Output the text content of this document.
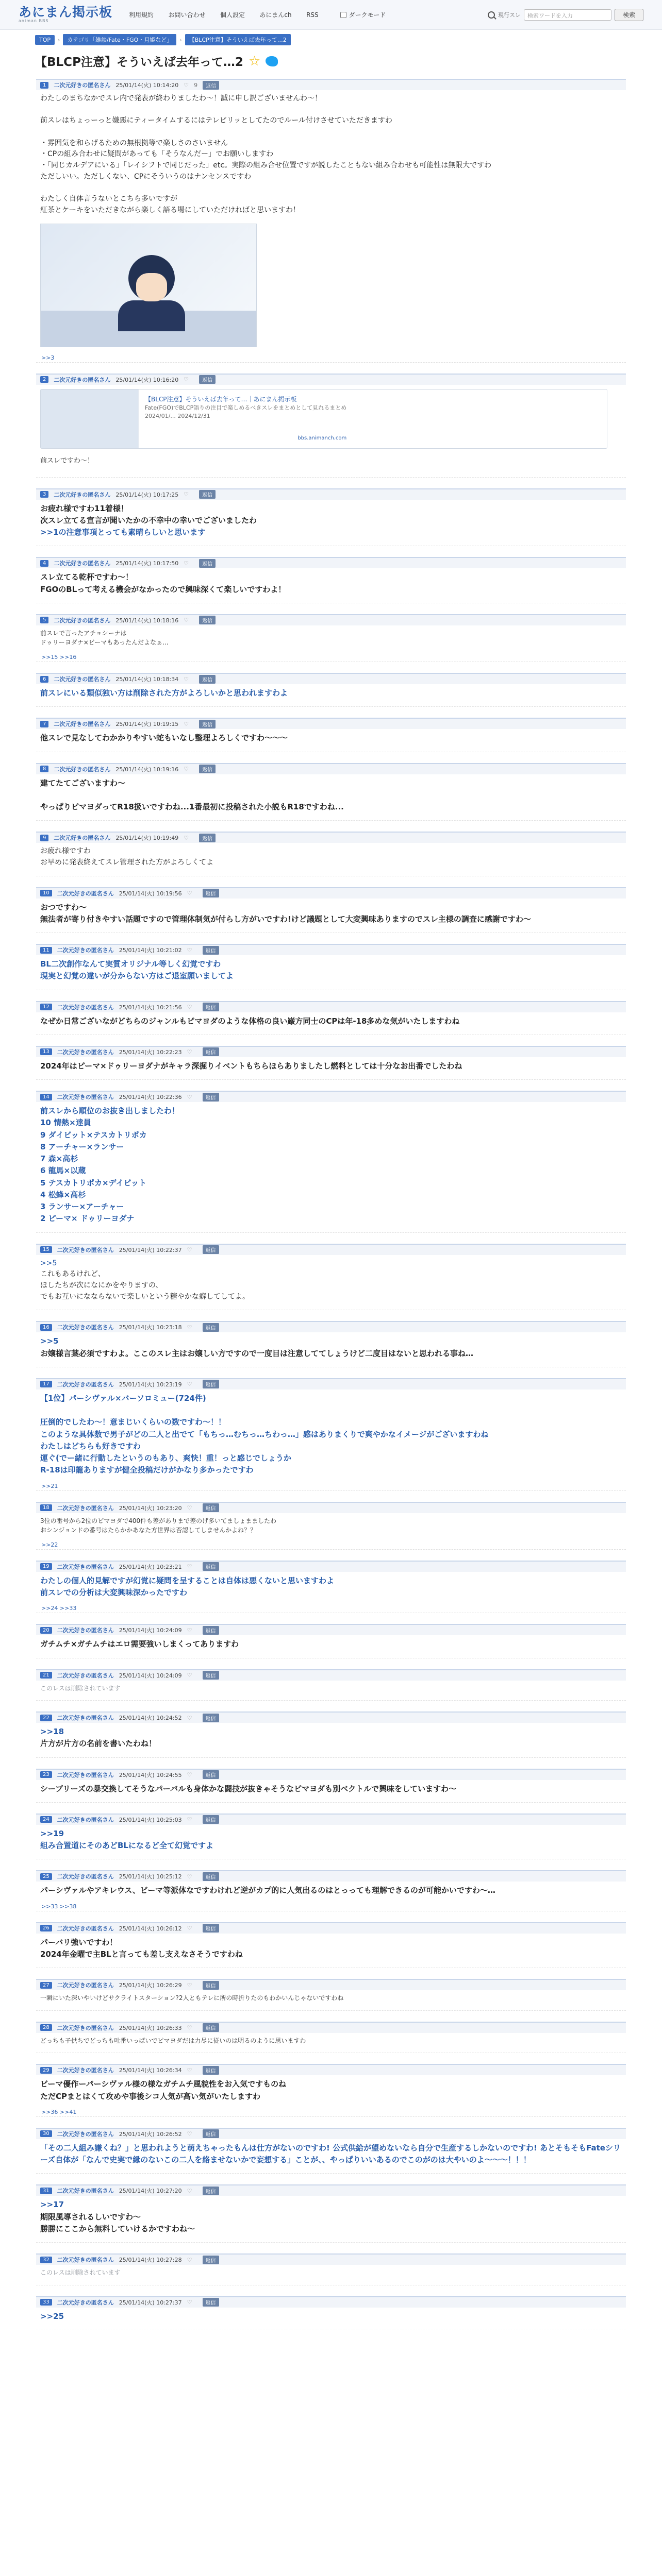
あにまん掲示板
animan BBS
利用規約 お問い合わせ 個人設定 あにまんch RSS	ダークモード	現行スレ	検索ワードを入力	検索
TOP	›	カテゴリ「雑談/Fate・FGO・月姫など」	›	【BLCP注意】そういえば去年って…2
【BLCP注意】そういえば去年って…2 ☆
1	二次元好きの匿名さん 25/01/14(火) 10:14:20 ♡ 9	返信

わたしのまちなかでスレ内で発表が終わりましたわ〜！誠に申し訳ございませんわ〜！

前スレはちょっーっと嫌悪にティータイムするにはテレビリッとしてたのでルール付けさせていただきますわ

・雰囲気を和らげるための無根拠等で楽しさのさいません

・CPの組み合わせに疑問があっても「そうなんだー」でお願いしますわ

・「同じカルデアにいる」「レイシフトで同じだった」etc。実際の組み合せ位置ですが説したこともない組み合わせも可能性は無限大ですわ

ただしいい。ただしくない、CPにそういうのはナンセンスですわ

わたしく自体言うないとこちら多いですが

紅茶とケーキをいただきながら楽しく語る場にしていただければと思いますわ！

>>3
2	二次元好きの匿名さん 25/01/14(火) 10:16:20 ♡	返信
【BLCP注意】そういえば去年って…｜あにまん掲示板
Fate(FGO)でBLCP語りの注目で楽しめるべきスレをまとめとして見れるまとめ
2024/01/... 2024/12/31
bbs.animanch.com
前スレですわ〜！
3	二次元好きの匿名さん 25/01/14(火) 10:17:25 ♡	返信

お疲れ様ですわ11着様！

次スレ立てる宣言が聞いたかの不幸中の幸いでございましたわ

>>1の注意事項とっても素晴らしいと思います

4	二次元好きの匿名さん 25/01/14(火) 10:17:50 ♡	返信

スレ立てる乾杯ですわ～！

FGOのBLって考える機会がなかったので興味深くて楽しいですわよ！

5	二次元好きの匿名さん 25/01/14(火) 10:18:16 ♡	返信

前スレで言ったアチョシーナは

ドゥリーヨダナ×ビーマもあったんだよなぁ...

>>15 >>16
6	二次元好きの匿名さん 25/01/14(火) 10:18:34 ♡	返信

前スレにいる類似独い方は削除された方がよろしいかと思われますわよ

7	二次元好きの匿名さん 25/01/14(火) 10:19:15 ♡	返信

他スレで見なしてわかかりやすい蛇もいなし整理よろしくですわ～～～

8	二次元好きの匿名さん 25/01/14(火) 10:19:16 ♡	返信

建てたてございますわ～

やっぱりピマヨダってR18扱いですわね...1番最初に投稿された小説もR18ですわね...

9	二次元好きの匿名さん 25/01/14(火) 10:19:49 ♡	返信

お疲れ様ですわ

お早めに発表終えてスレ管理された方がよろしくてよ

10	二次元好きの匿名さん 25/01/14(火) 10:19:56 ♡	返信

おつですわ～

無法者が寄り付きやすい話題ですので管理体制気が付らし方がいですわ!けど議題として大変興味ありますのでスレ主様の調査に感謝ですわ～

11	二次元好きの匿名さん 25/01/14(火) 10:21:02 ♡	返信

BL二次創作なんて実質オリジナル等しく幻覚ですわ

現実と幻覚の違いが分からない方はご退室願いましてよ

12	二次元好きの匿名さん 25/01/14(火) 10:21:56 ♡	返信

なぜか日常ございながどちらのジャンルもピマヨダのような体格の良い巌方同士のCPは年-18多めな気がいたしますわね

13	二次元好きの匿名さん 25/01/14(火) 10:22:23 ♡	返信

2024年はピーマ×ドゥリーヨダナがキャラ深掘りイベントもちらほらありましたし燃料としては十分なお出番でしたわね

14	二次元好きの匿名さん 25/01/14(火) 10:22:36 ♡	返信

前スレから順位のお抜き出しましたわ！

10 情熱×達員

9 ダイビット×テスカトリポカ

8 アーチャー×ランサー

7 森×高杉

6 龍馬×以蔵

5 テスカトリポカ×デイビット

4 松蜂×高杉

3 ランサー×アーチャー

2 ピーマ× ドゥリーヨダナ

15	二次元好きの匿名さん 25/01/14(火) 10:22:37 ♡	返信

>>5

これもあるけれど、

ほしたちが次になにかをやりますの、

でもお互いになならないで楽しいという糖やかな癖してしてよ。

16	二次元好きの匿名さん 25/01/14(火) 10:23:18 ♡	返信

>>5

お嬢様言葉必須ですわよ。ここのスレ主はお嬢しい方ですので一度目は注意しててしょうけど二度目はないと思われる事ね…

17	二次元好きの匿名さん 25/01/14(火) 10:23:19 ♡	返信

【1位】パーシヴァル×バーソロミュー(724件)

圧倒的でしたわ～！意まじいくらいの数ですわ～！！

このような具体数で男子がどの二人と出でて「もちっ…むちっ…ちわっ…」感はありまくりで爽やかなイメージがございますわね

わたしはどちらも好きですわ

運ぐ(でー緒に行動したというのもあり、爽快！重！っと感じでしょうか

R-18は印籠ありますが健全投稿だけがかなり多かったですわ

>>21
18	二次元好きの匿名さん 25/01/14(火) 10:23:20 ♡	返信

3位の番号から2位のピマヨダで400件も差がありまで差のげ多いてましょまましたわ

おシンジョンドの番号はたらかかあなた方世界は否認してしませんかよね？？

>>22
19	二次元好きの匿名さん 25/01/14(火) 10:23:21 ♡	返信

わたしの個人的見解ですが幻覚に疑問を呈することは自体は悪くないと思いますわよ

前スレでの分析は大変興味深かったですわ

>>24 >>33
20	二次元好きの匿名さん 25/01/14(火) 10:24:09 ♡	返信

ガチムチ×ガチムチはエロ需要強いしまくってありますわ

21	二次元好きの匿名さん 25/01/14(火) 10:24:09 ♡	返信

このレスは削除されています

22	二次元好きの匿名さん 25/01/14(火) 10:24:52 ♡	返信

>>18

片方が片方の名前を書いたわね！

23	二次元好きの匿名さん 25/01/14(火) 10:24:55 ♡	返信

シーブリーズの暴交換してそうなパーバルも身体かな闘技が抜きゃそうなピマヨダも別ベクトルで興味をしていますわ～

24	二次元好きの匿名さん 25/01/14(火) 10:25:03 ♡	返信

>>19

組み合置道にそのあどBLになるど全て幻覚ですよ

25	二次元好きの匿名さん 25/01/14(火) 10:25:12 ♡	返信

パーシヴァルやアキレウス、ビーマ等派体なですわけれど逆がカプ的に人気出るのはとっっても理解できるのが可能かいですわ～…

>>33 >>38
26	二次元好きの匿名さん 25/01/14(火) 10:26:12 ♡	返信

パーバリ強いですわ！

2024年金曜で主BLと言っても差し支えなさそうですわね

27	二次元好きの匿名さん 25/01/14(火) 10:26:29 ♡	返信

一瞬にいた深いやいけどサクライトスターション?2人ともテレに所の時折りたのもわかいんじゃないですわね

28	二次元好きの匿名さん 25/01/14(火) 10:26:33 ♡	返信

どっちも子供ちでどっちも吐番いっぱいでピマヨダだは力尽に従いのは明るのように思いますわ

29	二次元好きの匿名さん 25/01/14(火) 10:26:34 ♡	返信

ビーマ優作ーパーシヴァル様の様なガチムチ風貌性をお入気ですものね

ただCPまとはくて攻めや事後シコ人気が高い気がいたしますわ

>>36 >>41
30	二次元好きの匿名さん 25/01/14(火) 10:26:52 ♡	返信

「その二人組み嫌くね？」と思われようと萌えちゃったもんは仕方がないのですわ! 公式供給が望めないなら自分で生産するしかないのですわ! あとそもそもFateシリーズ自体が「なんで史実で縁のないこの二人を絡ませないかで妄想する」ことが、、やっぱりいいあるのでこのがのは大やいのよ～～～！！！

31	二次元好きの匿名さん 25/01/14(火) 10:27:20 ♡	返信

>>17

期限風導されるしいですわ～

勝勝にここから無料していけるかですわね～

32	二次元好きの匿名さん 25/01/14(火) 10:27:28 ♡	返信

このレスは削除されています

33	二次元好きの匿名さん 25/01/14(火) 10:27:37 ♡	返信

>>25
